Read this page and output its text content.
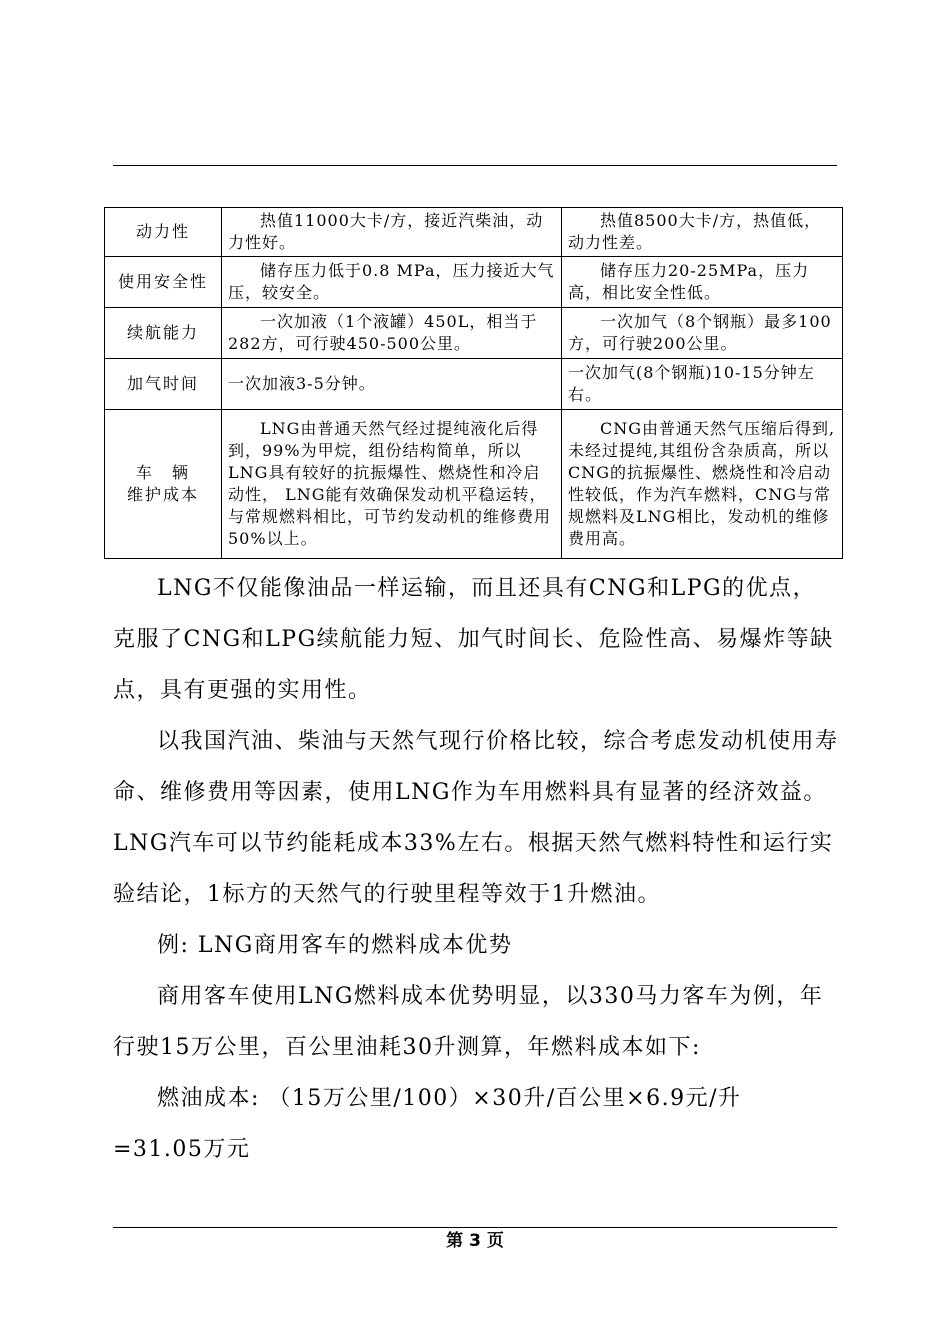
动力性	热值11000大卡/方，接近汽柴油，动力性好。	热值8500大卡/方，热值低，动力性差。

使用安全性	储存压力低于0.8 MPa，压力接近大气压，较安全。	储存压力20-25MPa，压力高，相比安全性低。

续航能力	一次加液（1个液罐）450L，相当于282方，可行驶450-500公里。	一次加气（8个钢瓶）最多100方，可行驶200公里。

加气时间	一次加液3-5分钟。	一次加气(8个钢瓶)10-15分钟左右。

车　辆
维护成本	LNG由普通天然气经过提纯液化后得到，99%为甲烷，组份结构简单，所以LNG具有较好的抗振爆性、燃烧性和冷启动性， LNG能有效确保发动机平稳运转，与常规燃料相比，可节约发动机的维修费用50%以上。	CNG由普通天然气压缩后得到,未经过提纯,其组份含杂质高，所以CNG的抗振爆性、燃烧性和冷启动性较低，作为汽车燃料，CNG与常规燃料及LNG相比，发动机的维修费用高。

LNG不仅能像油品一样运输，而且还具有CNG和LPG的优点，克服了CNG和LPG续航能力短、加气时间长、危险性高、易爆炸等缺点，具有更强的实用性。

以我国汽油、柴油与天然气现行价格比较，综合考虑发动机使用寿命、维修费用等因素，使用LNG作为车用燃料具有显著的经济效益。LNG汽车可以节约能耗成本33%左右。根据天然气燃料特性和运行实验结论，1标方的天然气的行驶里程等效于1升燃油。

例: LNG商用客车的燃料成本优势

商用客车使用LNG燃料成本优势明显，以330马力客车为例，年行驶15万公里，百公里油耗30升测算，年燃料成本如下:

燃油成本: （15万公里/100）×30升/百公里×6.9元/升

=31.05万元

第 3 页
